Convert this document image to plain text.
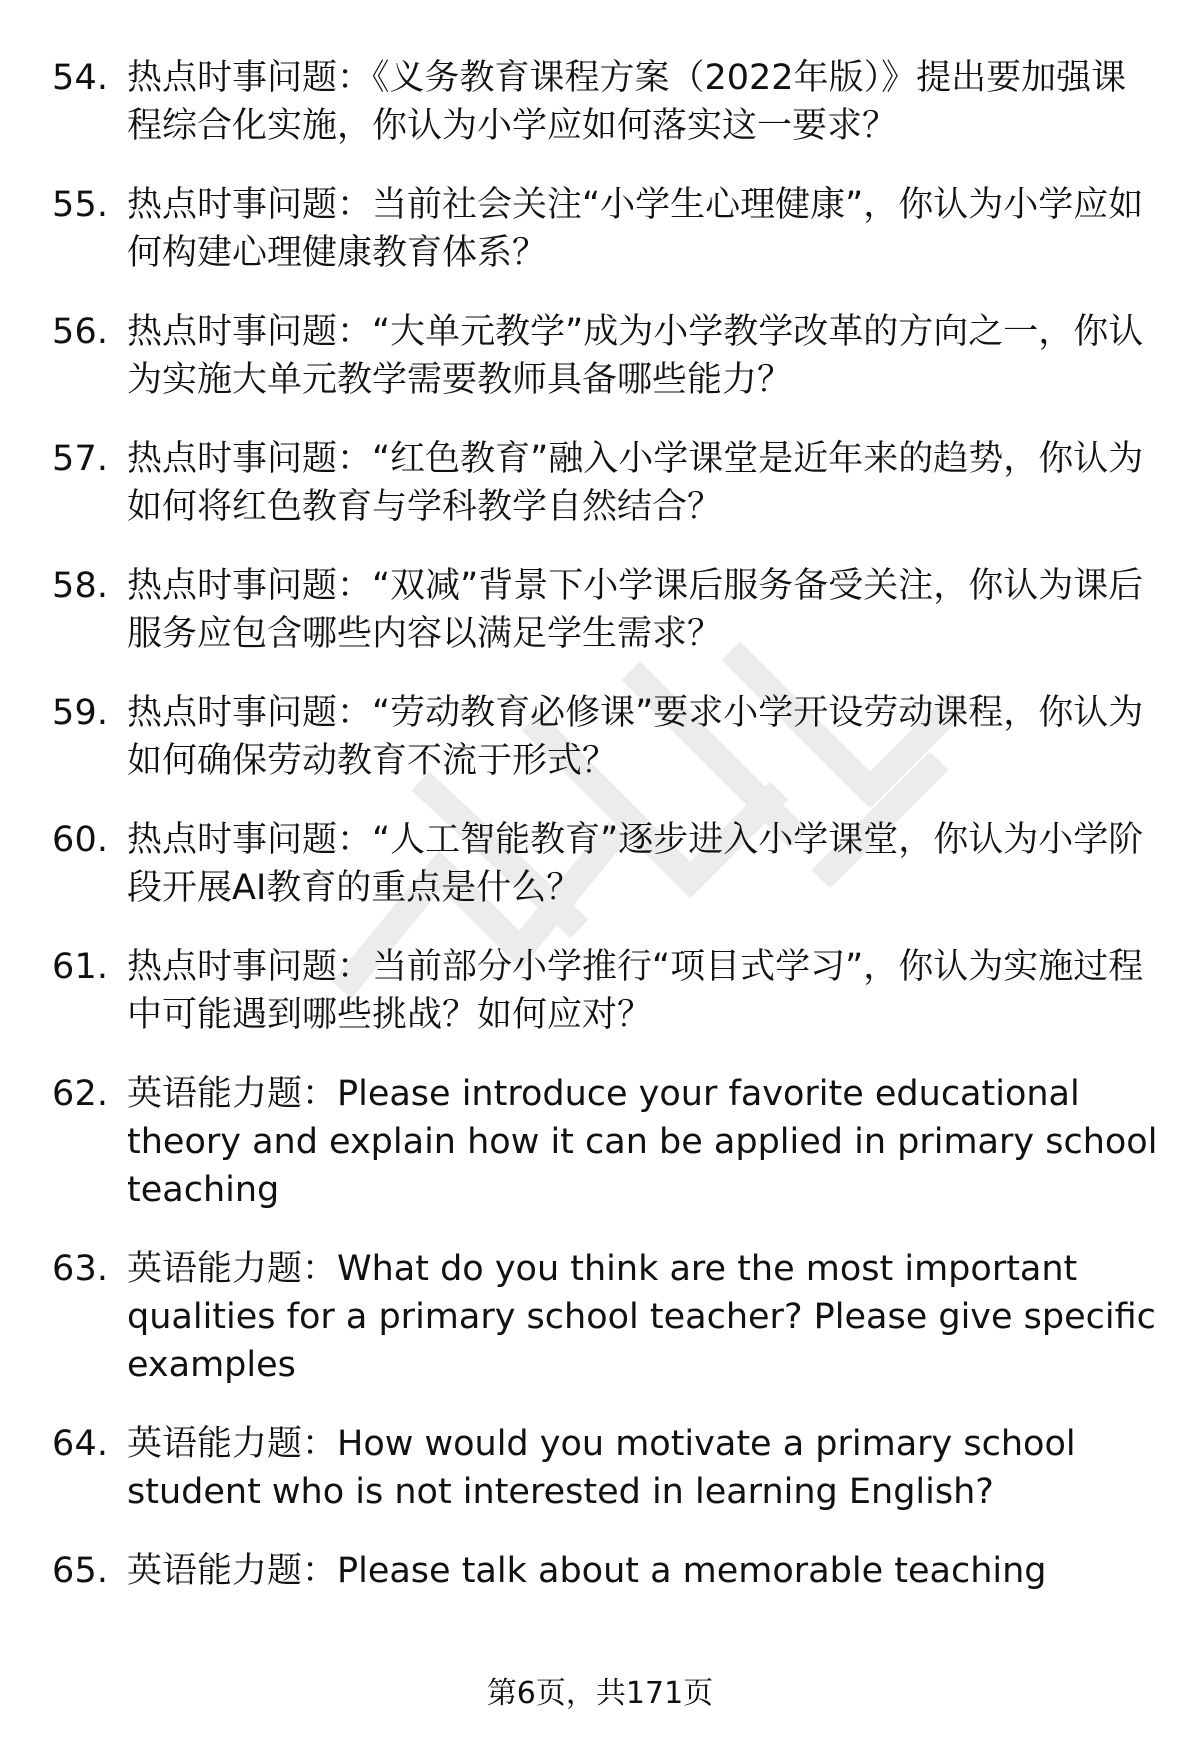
54. 热点时事问题：《义务教育课程方案（2022年版）》提出要加强课程综合化实施，你认为小学应如何落实这一要求？
55. 热点时事问题：当前社会关注“小学生心理健康”，你认为小学应如何构建心理健康教育体系？
56. 热点时事问题：“大单元教学”成为小学教学改革的方向之一，你认为实施大单元教学需要教师具备哪些能力？
57. 热点时事问题：“红色教育”融入小学课堂是近年来的趋势，你认为如何将红色教育与学科教学自然结合？
58. 热点时事问题：“双减”背景下小学课后服务备受关注，你认为课后服务应包含哪些内容以满足学生需求？
59. 热点时事问题：“劳动教育必修课”要求小学开设劳动课程，你认为如何确保劳动教育不流于形式？
60. 热点时事问题：“人工智能教育”逐步进入小学课堂，你认为小学阶段开展AI教育的重点是什么？
61. 热点时事问题：当前部分小学推行“项目式学习”，你认为实施过程中可能遇到哪些挑战？如何应对？
62. 英语能力题：Please introduce your favorite educational theory and explain how it can be applied in primary school teaching
63. 英语能力题：What do you think are the most important qualities for a primary school teacher? Please give specific examples
64. 英语能力题：How would you motivate a primary school student who is not interested in learning English?
65. 英语能力题：Please talk about a memorable teaching
第6页，共171页
